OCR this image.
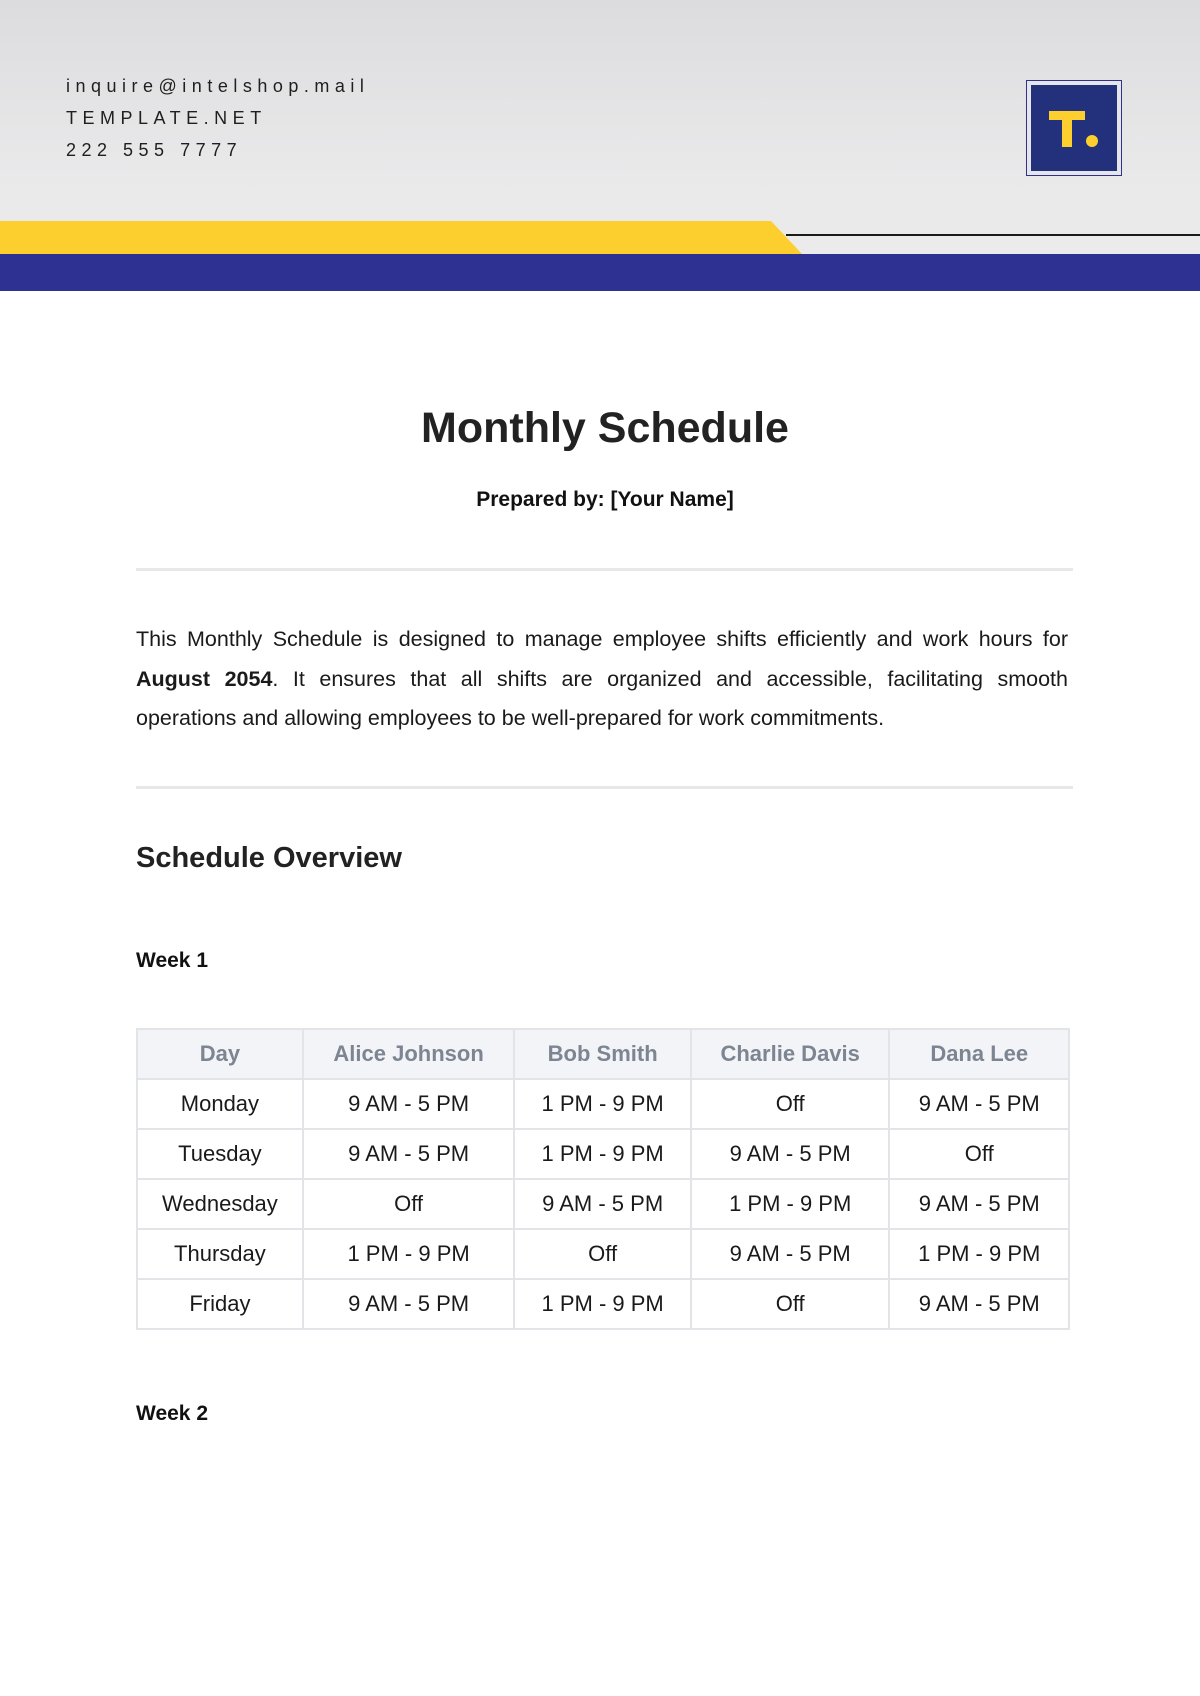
inquire@intelshop.mail
TEMPLATE.NET
222 555 7777
Monthly Schedule
Prepared by: [Your Name]

This Monthly Schedule is designed to manage employee shifts efficiently and work hours for August 2054. It ensures that all shifts are organized and accessible, facilitating smooth operations and allowing employees to be well-prepared for work commitments.

Schedule Overview
Week 1
Day	Alice Johnson	Bob Smith	Charlie Davis	Dana Lee
Monday	9 AM - 5 PM	1 PM - 9 PM	Off	9 AM - 5 PM
Tuesday	9 AM - 5 PM	1 PM - 9 PM	9 AM - 5 PM	Off
Wednesday	Off	9 AM - 5 PM	1 PM - 9 PM	9 AM - 5 PM
Thursday	1 PM - 9 PM	Off	9 AM - 5 PM	1 PM - 9 PM
Friday	9 AM - 5 PM	1 PM - 9 PM	Off	9 AM - 5 PM
Week 2
